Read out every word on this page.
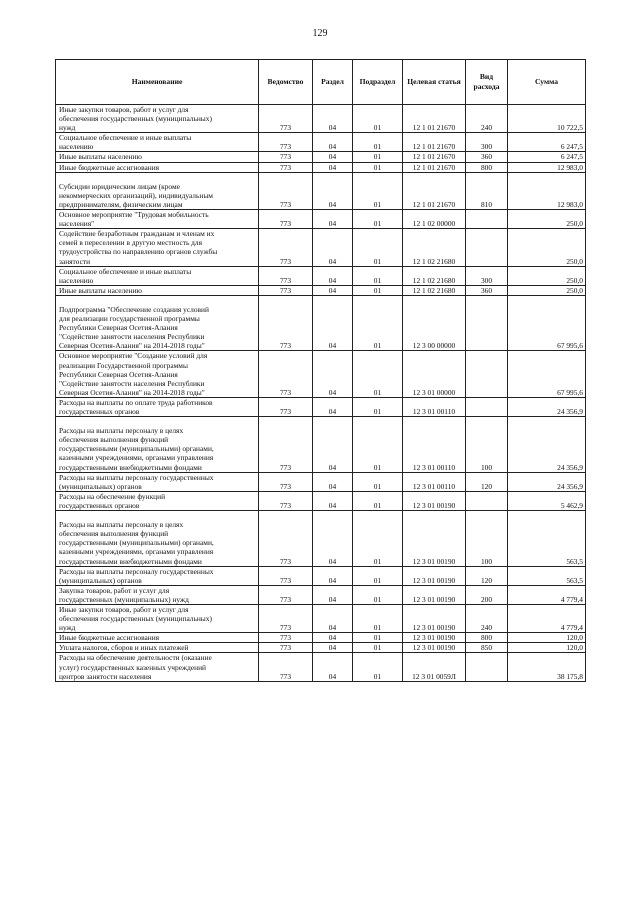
129
Наименование	Ведомство	Раздел	Подраздел	Целевая статья	Вид расхода	Сумма
Иные закупки товаров, работ и услуг для
обеспечения государственных (муниципальных)
нужд	773	04	01	12 1 01 21670	240	10 722,5
Социальное обеспечение и иные выплаты
населению	773	04	01	12 1 01 21670	300	6 247,5
Иные выплаты населению	773	04	01	12 1 01 21670	360	6 247,5
Иные бюджетные ассигнования	773	04	01	12 1 01 21670	800	12 983,0

Субсидии юридическим лицам (кроме
некоммерческих организаций), индивидуальным
предпринимателям, физическим лицам	773	04	01	12 1 01 21670	810	12 983,0
Основное мероприятие "Трудовая мобильность
населения"	773	04	01	12 1 02 00000		250,0
Содействие безработным гражданам и членам их
семей в переселении в другую местность для
трудоустройства по направлению органов службы
занятости	773	04	01	12 1 02 21680		250,0
Социальное обеспечение и иные выплаты
населению	773	04	01	12 1 02 21680	300	250,0
Иные выплаты населению	773	04	01	12 1 02 21680	360	250,0

Подпрограмма "Обеспечение создания условий
для реализации государственной программы
Республики Северная Осетия-Алания
"Содействие занятости населения Республики
Северная Осетия-Алания" на 2014-2018 годы"	773	04	01	12 3 00 00000		67 995,6
Основное мероприятие "Создание условий для
реализации Государственной программы
Республики Северная Осетия-Алания
"Содействие занятости населения Республики
Северная Осетия-Алания" на 2014-2018 годы"	773	04	01	12 3 01 00000		67 995,6
Расходы на выплаты по оплате труда работников
государственных органов	773	04	01	12 3 01 00110		24 356,9

Расходы на выплаты персоналу в целях
обеспечения выполнения функций
государственными (муниципальными) органами,
казенными учреждениями, органами управления
государственными внебюджетными фондами	773	04	01	12 3 01 00110	100	24 356,9
Расходы на выплаты персоналу государственных
(муниципальных) органов	773	04	01	12 3 01 00110	120	24 356,9
Расходы на обеспечение функций
государственных органов	773	04	01	12 3 01 00190		5 462,9

Расходы на выплаты персоналу в целях
обеспечения выполнения функций
государственными (муниципальными) органами,
казенными учреждениями, органами управления
государственными внебюджетными фондами	773	04	01	12 3 01 00190	100	563,5
Расходы на выплаты персоналу государственных
(муниципальных) органов	773	04	01	12 3 01 00190	120	563,5
Закупка товаров, работ и услуг для
государственных (муниципальных) нужд	773	04	01	12 3 01 00190	200	4 779,4
Иные закупки товаров, работ и услуг для
обеспечения государственных (муниципальных)
нужд	773	04	01	12 3 01 00190	240	4 779,4
Иные бюджетные ассигнования	773	04	01	12 3 01 00190	800	120,0
Уплата налогов, сборов и иных платежей	773	04	01	12 3 01 00190	850	120,0
Расходы на обеспечение деятельности (оказание
услуг) государственных казенных учреждений
центров занятости населения	773	04	01	12 3 01 0059Л		38 175,8
